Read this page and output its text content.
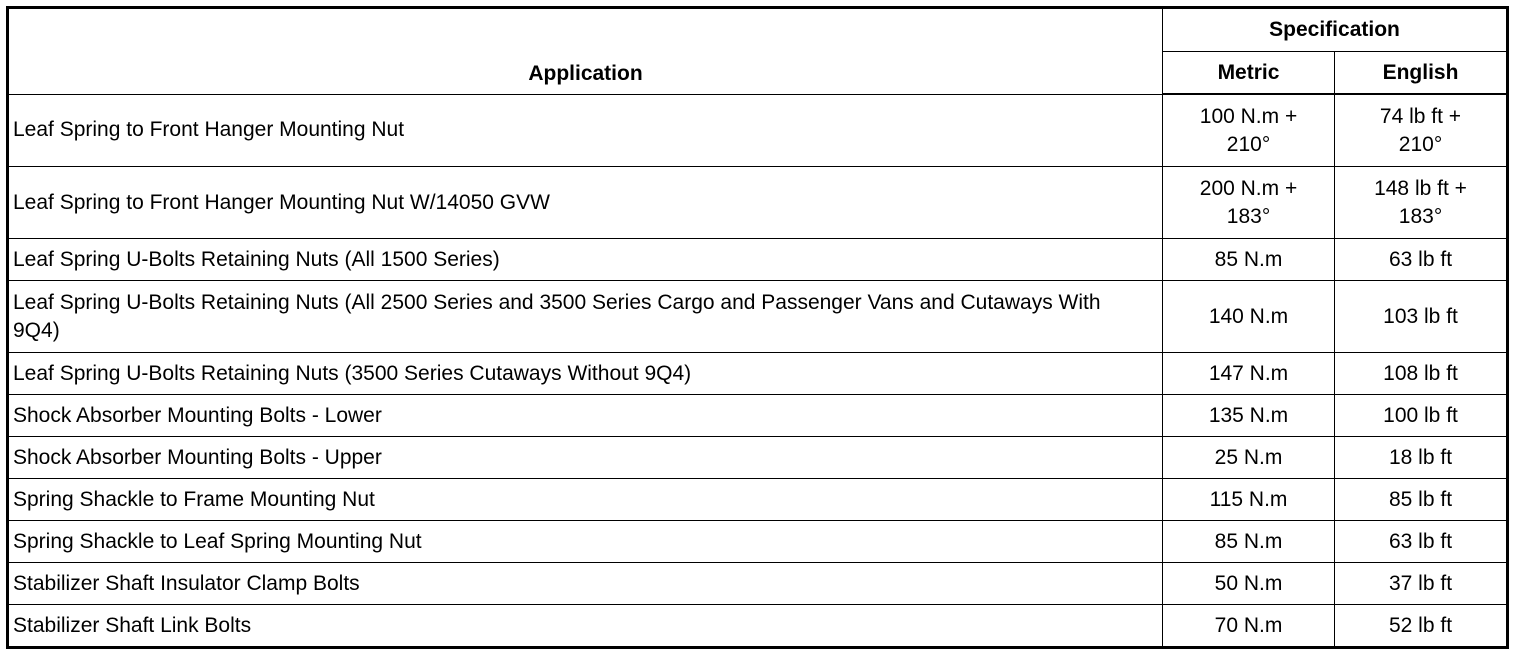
Application	Specification	
	Metric	English
Leaf Spring to Front Hanger Mounting Nut	100 N.m + 210°	74 lb ft + 210°
Leaf Spring to Front Hanger Mounting Nut W/14050 GVW	200 N.m + 183°	148 lb ft + 183°
Leaf Spring U-Bolts Retaining Nuts (All 1500 Series)	85 N.m	63 lb ft
Leaf Spring U-Bolts Retaining Nuts (All 2500 Series and 3500 Series Cargo and Passenger Vans and Cutaways With 9Q4)	140 N.m	103 lb ft
Leaf Spring U-Bolts Retaining Nuts (3500 Series Cutaways Without 9Q4)	147 N.m	108 lb ft
Shock Absorber Mounting Bolts - Lower	135 N.m	100 lb ft
Shock Absorber Mounting Bolts - Upper	25 N.m	18 lb ft
Spring Shackle to Frame Mounting Nut	115 N.m	85 lb ft
Spring Shackle to Leaf Spring Mounting Nut	85 N.m	63 lb ft
Stabilizer Shaft Insulator Clamp Bolts	50 N.m	37 lb ft
Stabilizer Shaft Link Bolts	70 N.m	52 lb ft
